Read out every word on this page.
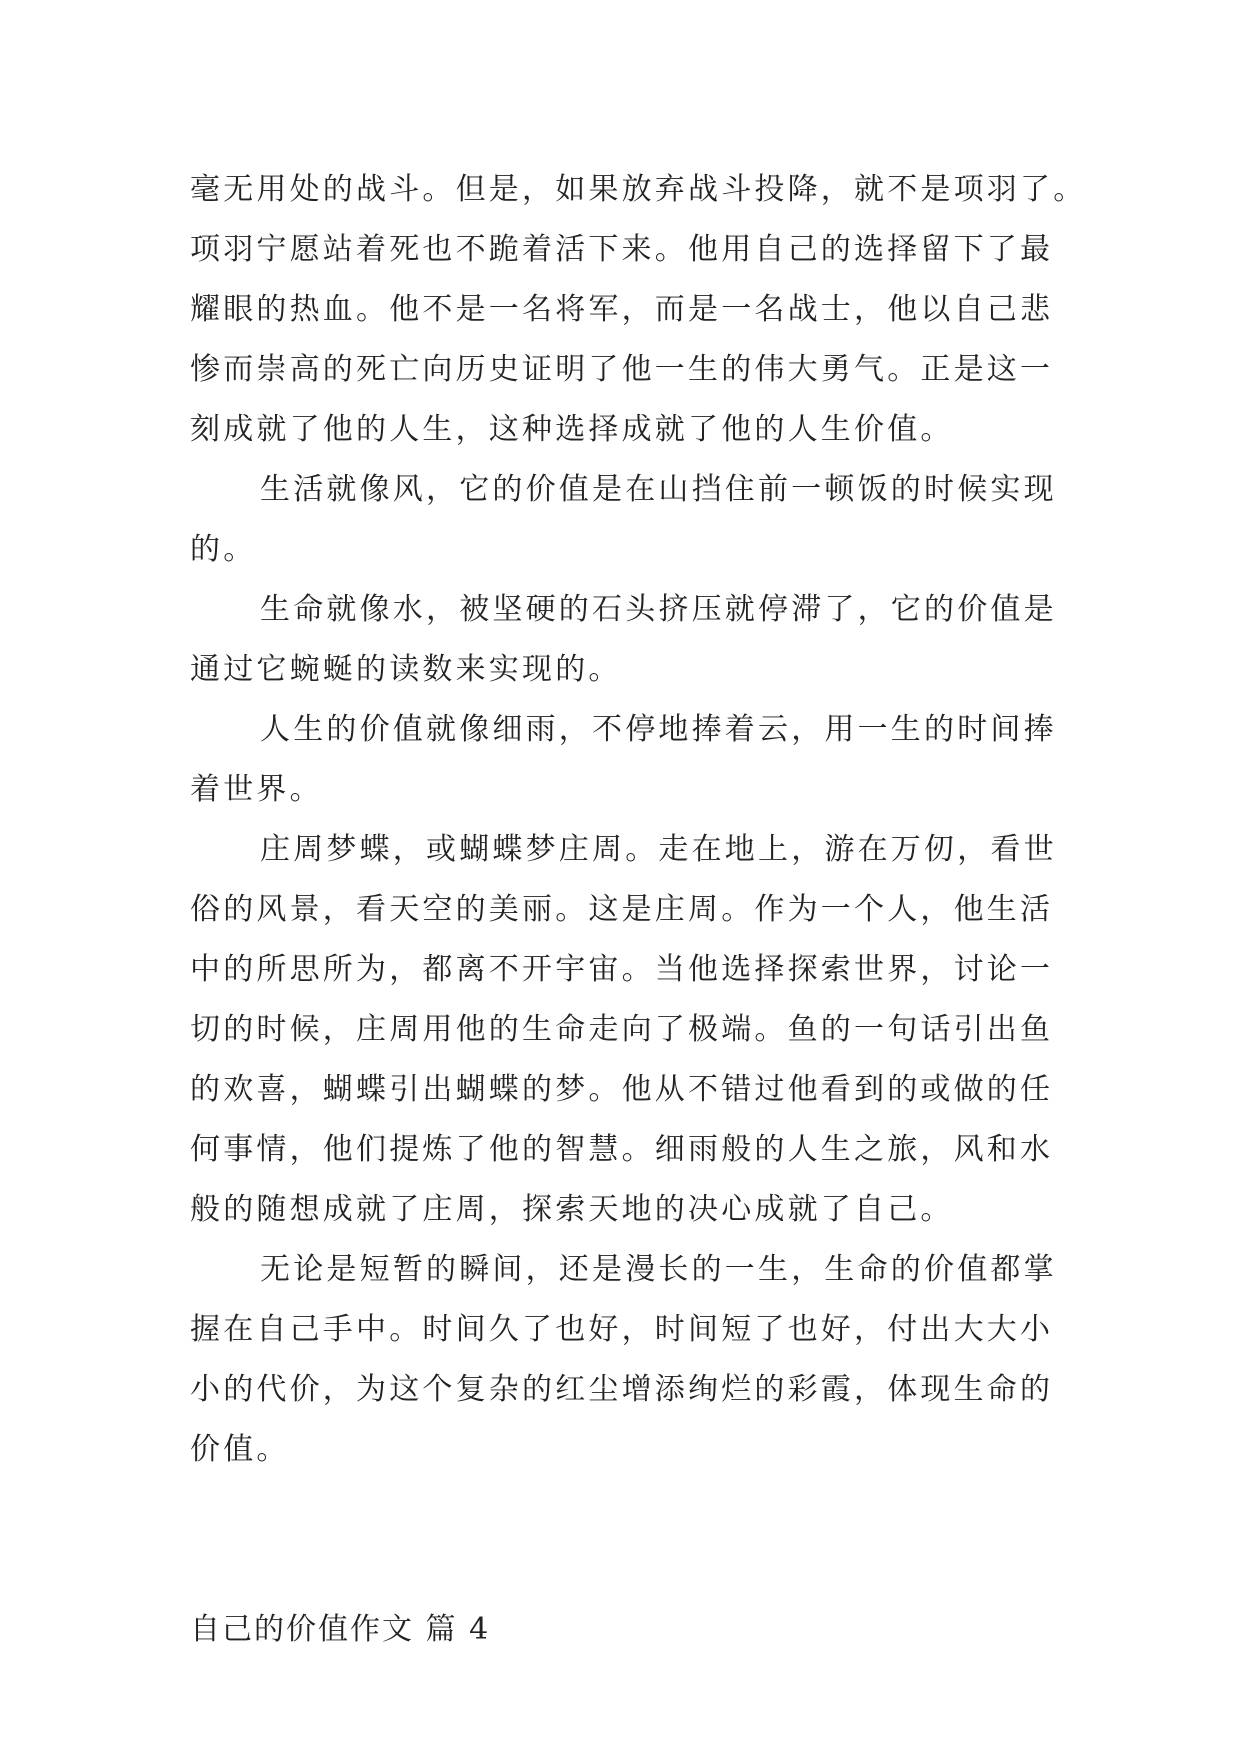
毫无用处的战斗。但是，如果放弃战斗投降，就不是项羽了。
项羽宁愿站着死也不跪着活下来。他用自己的选择留下了最
耀眼的热血。他不是一名将军，而是一名战士，他以自己悲
惨而崇高的死亡向历史证明了他一生的伟大勇气。正是这一
刻成就了他的人生，这种选择成就了他的人生价值。
生活就像风，它的价值是在山挡住前一顿饭的时候实现
的。
生命就像水，被坚硬的石头挤压就停滞了，它的价值是
通过它蜿蜒的读数来实现的。
人生的价值就像细雨，不停地捧着云，用一生的时间捧
着世界。
庄周梦蝶，或蝴蝶梦庄周。走在地上，游在万仞，看世
俗的风景，看天空的美丽。这是庄周。作为一个人，他生活
中的所思所为，都离不开宇宙。当他选择探索世界，讨论一
切的时候，庄周用他的生命走向了极端。鱼的一句话引出鱼
的欢喜，蝴蝶引出蝴蝶的梦。他从不错过他看到的或做的任
何事情，他们提炼了他的智慧。细雨般的人生之旅，风和水
般的随想成就了庄周，探索天地的决心成就了自己。
无论是短暂的瞬间，还是漫长的一生，生命的价值都掌
握在自己手中。时间久了也好，时间短了也好，付出大大小
小的代价，为这个复杂的红尘增添绚烂的彩霞，体现生命的
价值。
自己的价值作文 篇 4
